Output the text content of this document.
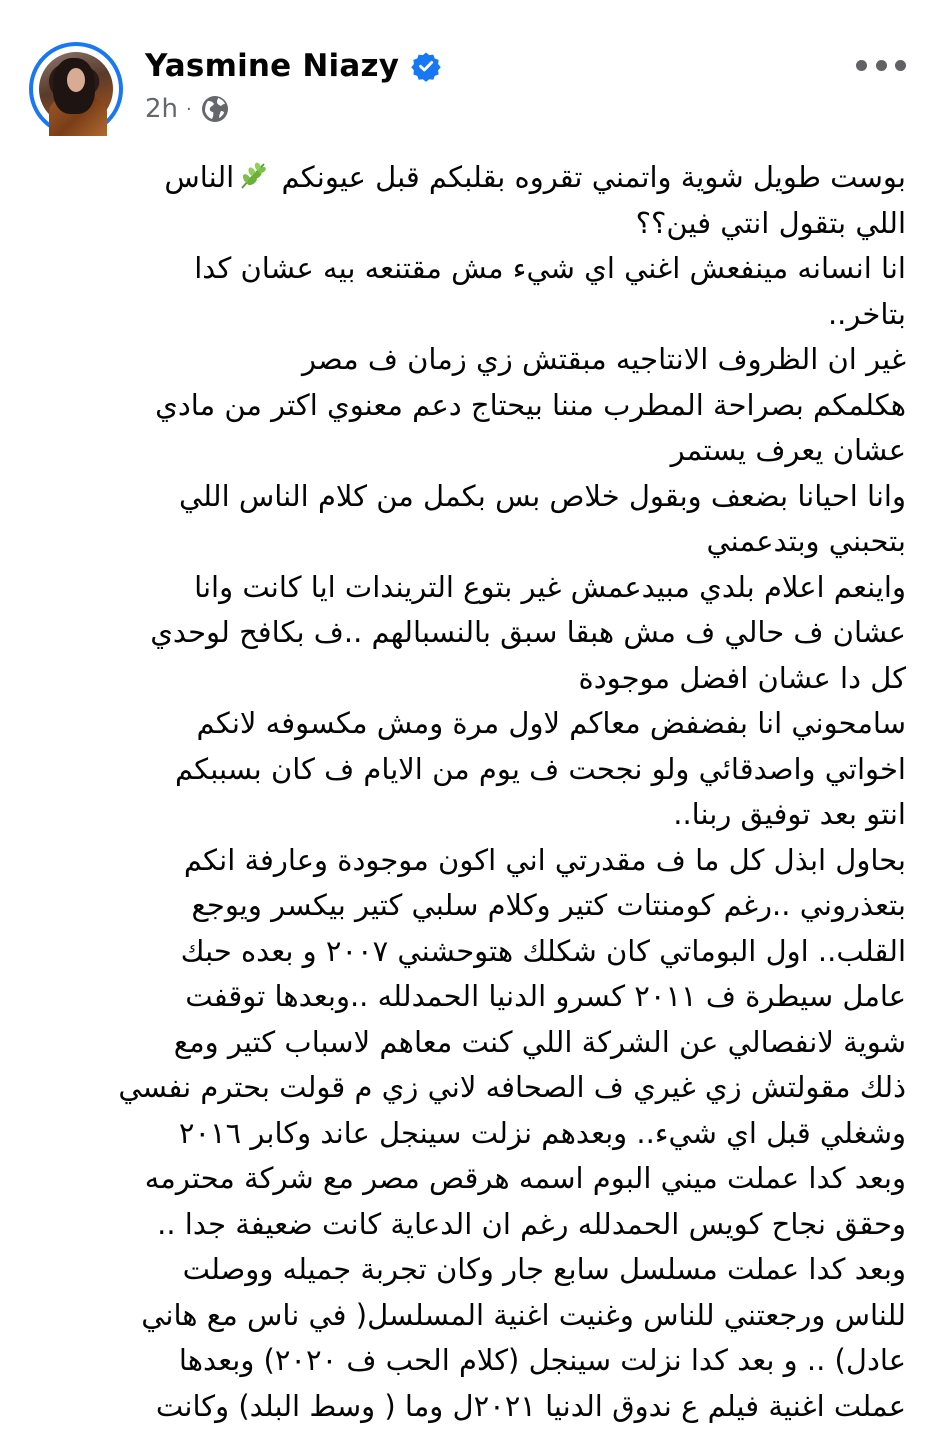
Yasmine Niazy
2h ·
بوست طويل شوية واتمني تقروه بقلبكم قبل عيونكم الناس
اللي بتقول انتي فين؟؟
انا انسانه مينفعش اغني اي شيء مش مقتنعه بيه عشان كدا
بتاخر..
غير ان الظروف الانتاجيه مبقتش زي زمان ف مصر
هكلمكم بصراحة المطرب مننا بيحتاج دعم معنوي اكتر من مادي
عشان يعرف يستمر
وانا احيانا بضعف وبقول خلاص بس بكمل من كلام الناس اللي
بتحبني وبتدعمني
واينعم اعلام بلدي مبيدعمش غير بتوع التريندات ايا كانت وانا
عشان ف حالي ف مش هبقا سبق بالنسبالهم ..ف بكافح لوحدي
كل دا عشان افضل موجودة
سامحوني انا بفضفض معاكم لاول مرة ومش مكسوفه لانكم
اخواتي واصدقائي ولو نجحت ف يوم من الايام ف كان بسببكم
انتو بعد توفيق ربنا..
بحاول ابذل كل ما ف مقدرتي اني اكون موجودة وعارفة انكم
بتعذروني ..رغم كومنتات كتير وكلام سلبي كتير بيكسر ويوجع
القلب.. اول البوماتي كان شكلك هتوحشني ٢٠٠٧ و بعده حبك
عامل سيطرة ف ٢٠١١ كسرو الدنيا الحمدلله ..وبعدها توقفت
شوية لانفصالي عن الشركة اللي كنت معاهم لاسباب كتير ومع
ذلك مقولتش زي غيري ف الصحافه لاني زي م قولت بحترم نفسي
وشغلي قبل اي شيء.. وبعدهم نزلت سينجل عاند وكابر ٢٠١٦
وبعد كدا عملت ميني البوم اسمه هرقص مصر مع شركة محترمه
وحقق نجاح كويس الحمدلله رغم ان الدعاية كانت ضعيفة جدا ..
وبعد كدا عملت مسلسل سابع جار وكان تجربة جميله ووصلت
للناس ورجعتني للناس وغنيت اغنية المسلسل( في ناس مع هاني
عادل) .. و بعد كدا نزلت سينجل (كلام الحب ف ٢٠٢٠) وبعدها
عملت اغنية فيلم ع ندوق الدنيا ٢٠٢١ل وما ( وسط البلد) وكانت
